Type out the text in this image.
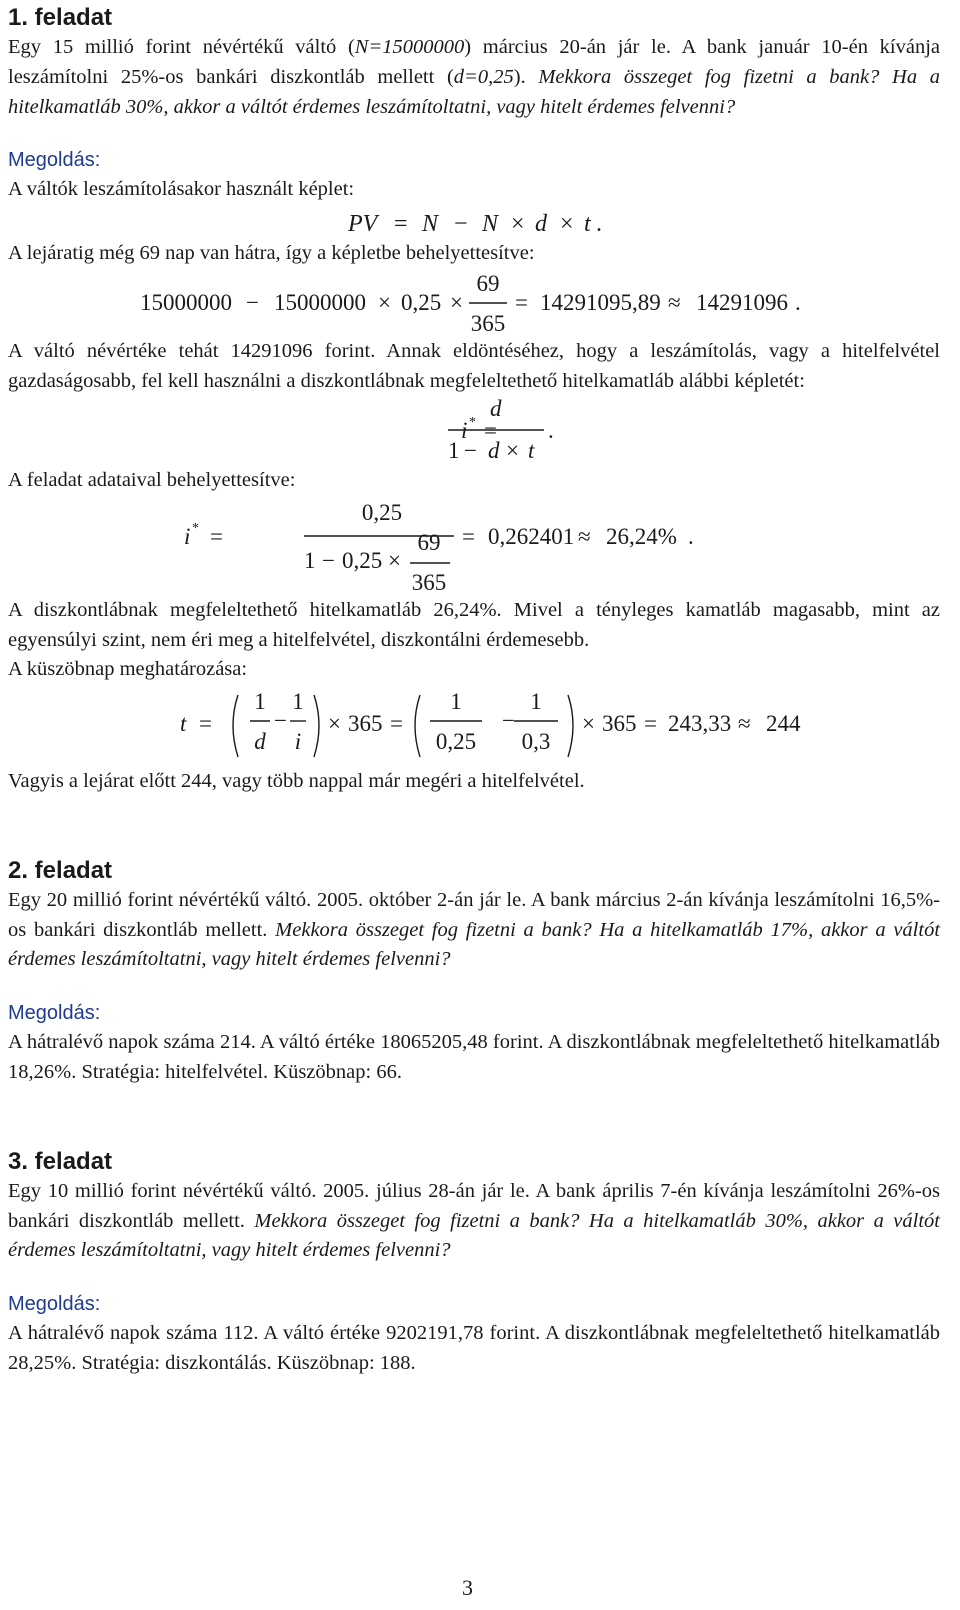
1. feladat

Egy 15 millió forint névértékű váltó (N=15000000) március 20-án jár le. A bank január 10-én kívánja leszámítolni 25%-os bankári diszkontláb mellett (d=0,25). Mekkora összeget fog fizetni a bank? Ha a hitelkamatláb 30%, akkor a váltót érdemes leszámítoltatni, vagy hitelt érdemes felvenni?

Megoldás:

A váltók leszámítolásakor használt képlet:

PV = N − N × d × t .

A lejáratig még 69 nap van hátra, így a képletbe behelyettesítve:

15000000 − 15000000 × 0,25 ×
69
365
= 14291095,89 ≈ 14291096 .

A váltó névértéke tehát 14291096 forint. Annak eldöntéséhez, hogy a leszámítolás, vagy a hitelfelvétel gazdaságosabb, fel kell használni a diszkontlábnak megfeleltethető hitelkamatláb alábbi képletét:

i * =
d
1 − d × t
.

A feladat adataival behelyettesítve:

i * =
0,25
1 − 0,25 ×
69
365
= 0,262401 ≈ 26,24% .

A diszkontlábnak megfeleltethető hitelkamatláb 26,24%. Mivel a tényleges kamatláb magasabb, mint az egyensúlyi szint, nem éri meg a hitelfelvétel, diszkontálni érdemesebb.

A küszöbnap meghatározása:

t =
1
d
−
1
i
× 365 =
1
0,25
−
1
0,3
× 365 = 243,33 ≈ 244

Vagyis a lejárat előtt 244, vagy több nappal már megéri a hitelfelvétel.

2. feladat

Egy 20 millió forint névértékű váltó. 2005. október 2-án jár le. A bank március 2-án kívánja leszámítolni 16,5%-os bankári diszkontláb mellett. Mekkora összeget fog fizetni a bank? Ha a hitelkamatláb 17%, akkor a váltót érdemes leszámítoltatni, vagy hitelt érdemes felvenni?

Megoldás:

A hátralévő napok száma 214. A váltó értéke 18065205,48 forint. A diszkontlábnak megfeleltethető hitelkamatláb 18,26%. Stratégia: hitelfelvétel. Küszöbnap: 66.

3. feladat

Egy 10 millió forint névértékű váltó. 2005. július 28-án jár le. A bank április 7-én kívánja leszámítolni 26%-os bankári diszkontláb mellett. Mekkora összeget fog fizetni a bank? Ha a hitelkamatláb 30%, akkor a váltót érdemes leszámítoltatni, vagy hitelt érdemes felvenni?

Megoldás:

A hátralévő napok száma 112. A váltó értéke 9202191,78 forint. A diszkontlábnak megfeleltethető hitelkamatláb 28,25%. Stratégia: diszkontálás. Küszöbnap: 188.

3
